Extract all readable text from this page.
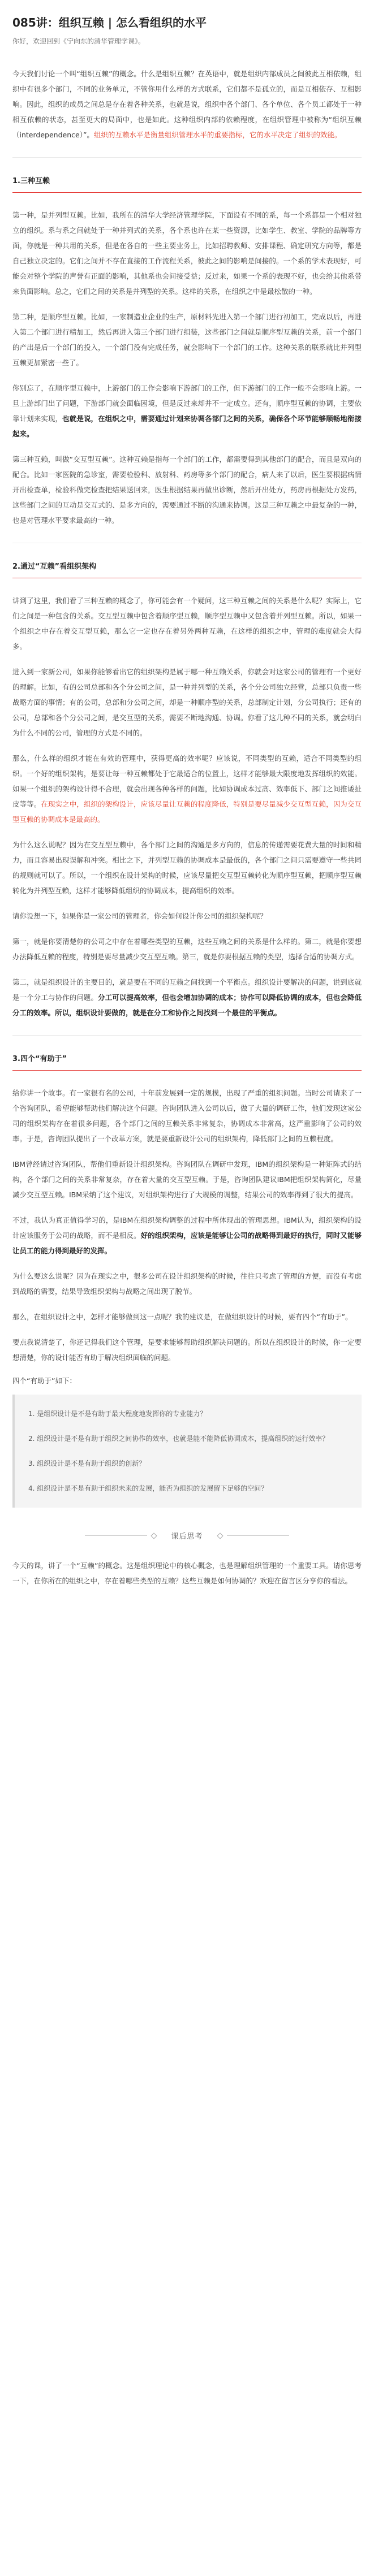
085讲：组织互赖 | 怎么看组织的水平
你好，欢迎回到《宁向东的清华管理学课》。

今天我们讨论一个叫“组织互赖”的概念。什么是组织互赖？在英语中，就是组织内部成员之间彼此互相依赖，组织中有很多个部门，不同的业务单元，不管你用什么样的方式联系，它们都不是孤立的，而是互相依存、互相影响。因此，组织的成员之间总是存在着各种关系，也就是说，组织中各个部门、各个单位、各个员工都处于一种相互依赖的状态，甚至更大的局面中，也是如此。这种组织内部的依赖程度，在组织管理中被称为“组织互赖（interdependence）”。组织的互赖水平是衡量组织管理水平的重要指标，它的水平决定了组织的效能。

1.三种互赖

第一种，是并列型互赖。比如，我所在的清华大学经济管理学院，下面设有不同的系，每一个系都是一个相对独立的组织。系与系之间就处于一种并列式的关系，各个系也许在某一些资源，比如学生、教室、学院的品牌等方面，你就是一种共用的关系，但是在各自的一些主要业务上，比如招聘教师、安排课程、确定研究方向等，都是自己独立决定的。它们之间并不存在直接的工作流程关系，彼此之间的影响是间接的。一个系的学术表现好，可能会对整个学院的声誉有正面的影响，其他系也会间接受益；反过来，如果一个系的表现不好，也会给其他系带来负面影响。总之，它们之间的关系是并列型的关系。这样的关系，在组织之中是最松散的一种。

第二种，是顺序型互赖。比如，一家制造业企业的生产，原材料先进入第一个部门进行初加工，完成以后，再进入第二个部门进行精加工，然后再进入第三个部门进行组装，这些部门之间就是顺序型互赖的关系，前一个部门的产出是后一个部门的投入，一个部门没有完成任务，就会影响下一个部门的工作。这种关系的联系就比并列型互赖更加紧密一些了。

你别忘了，在顺序型互赖中，上游部门的工作会影响下游部门的工作，但下游部门的工作一般不会影响上游。一旦上游部门出了问题，下游部门就会面临困境，但是反过来却并不一定成立。还有，顺序型互赖的协调，主要依靠计划来实现，也就是说，在组织之中，需要通过计划来协调各部门之间的关系，确保各个环节能够顺畅地衔接起来。

第三种互赖，叫做“交互型互赖”。这种互赖是指每一个部门的工作，都需要得到其他部门的配合，而且是双向的配合。比如一家医院的急诊室，需要检验科、放射科、药房等多个部门的配合，病人来了以后，医生要根据病情开出检查单，检验科做完检查把结果送回来，医生根据结果再做出诊断，然后开出处方，药房再根据处方发药，这些部门之间的互动是交互式的、是多方向的，需要通过不断的沟通来协调。这是三种互赖之中最复杂的一种，也是对管理水平要求最高的一种。

2.通过“互赖”看组织架构

讲到了这里，我们看了三种互赖的概念了，你可能会有一个疑问，这三种互赖之间的关系是什么呢？实际上，它们之间是一种包含的关系。交互型互赖中包含着顺序型互赖，顺序型互赖中又包含着并列型互赖。所以，如果一个组织之中存在着交互型互赖，那么它一定也存在着另外两种互赖，在这样的组织之中，管理的难度就会大得多。

进入到一家新公司，如果你能够看出它的组织架构是属于哪一种互赖关系，你就会对这家公司的管理有一个更好的理解。比如，有的公司总部和各个分公司之间，是一种并列型的关系，各个分公司独立经营，总部只负责一些战略方面的事情；有的公司，总部和分公司之间，却是一种顺序型的关系，总部制定计划，分公司执行；还有的公司，总部和各个分公司之间，是交互型的关系，需要不断地沟通、协调。你看了这几种不同的关系，就会明白为什么不同的公司，管理的方式是不同的。

那么，什么样的组织才能在有效的管理中，获得更高的效率呢？应该说，不同类型的互赖，适合不同类型的组织。一个好的组织架构，是要让每一种互赖都处于它最适合的位置上，这样才能够最大限度地发挥组织的效能。如果一个组织的架构设计得不合理，就会出现各种各样的问题，比如协调成本过高、效率低下、部门之间推诿扯皮等等。在现实之中，组织的架构设计，应该尽量让互赖的程度降低，特别是要尽量减少交互型互赖，因为交互型互赖的协调成本是最高的。

为什么这么说呢？因为在交互型互赖中，各个部门之间的沟通是多方向的，信息的传递需要花费大量的时间和精力，而且容易出现误解和冲突。相比之下，并列型互赖的协调成本是最低的，各个部门之间只需要遵守一些共同的规则就可以了。所以，一个组织在设计架构的时候，应该尽量把交互型互赖转化为顺序型互赖，把顺序型互赖转化为并列型互赖，这样才能够降低组织的协调成本，提高组织的效率。

请你设想一下，如果你是一家公司的管理者，你会如何设计你公司的组织架构呢？

第一，就是你要清楚你的公司之中存在着哪些类型的互赖，这些互赖之间的关系是什么样的。第二，就是你要想办法降低互赖的程度，特别是要尽量减少交互型互赖。第三，就是你要根据互赖的类型，选择合适的协调方式。

第二，就是组织设计的主要目的，就是要在不同的互赖之间找到一个平衡点。组织设计要解决的问题，说到底就是一个分工与协作的问题。分工可以提高效率，但也会增加协调的成本；协作可以降低协调的成本，但也会降低分工的效率。所以，组织设计要做的，就是在分工和协作之间找到一个最佳的平衡点。

3.四个“有助于”

给你讲一个故事。有一家很有名的公司，十年前发展到一定的规模，出现了严重的组织问题。当时公司请来了一个咨询团队，希望能够帮助他们解决这个问题。咨询团队进入公司以后，做了大量的调研工作，他们发现这家公司的组织架构存在着很多问题，各个部门之间的互赖关系非常复杂，协调成本非常高，这严重影响了公司的效率。于是，咨询团队提出了一个改革方案，就是要重新设计公司的组织架构，降低部门之间的互赖程度。

IBM曾经请过咨询团队，帮他们重新设计组织架构。咨询团队在调研中发现，IBM的组织架构是一种矩阵式的结构，各个部门之间的关系非常复杂，存在着大量的交互型互赖。于是，咨询团队建议IBM把组织架构简化，尽量减少交互型互赖。IBM采纳了这个建议，对组织架构进行了大规模的调整，结果公司的效率得到了很大的提高。

不过，我认为真正值得学习的，是IBM在组织架构调整的过程中所体现出的管理思想。IBM认为，组织架构的设计应该服务于公司的战略，而不是相反。好的组织架构，应该是能够让公司的战略得到最好的执行，同时又能够让员工的能力得到最好的发挥。

为什么要这么说呢？因为在现实之中，很多公司在设计组织架构的时候，往往只考虑了管理的方便，而没有考虑到战略的需要，结果导致组织架构与战略之间出现了脱节。

那么，在组织设计之中，怎样才能够做到这一点呢？我的建议是，在做组织设计的时候，要有四个“有助于”。

要点我说清楚了，你还记得我们这个管理，是要求能够帮助组织解决问题的。所以在组织设计的时候，你一定要想清楚，你的设计能否有助于解决组织面临的问题。

四个“有助于”如下：
1. 是组织设计是不是有助于最大程度地发挥你的专业能力？
2. 组织设计是不是有助于组织之间协作的效率，也就是能不能降低协调成本，提高组织的运行效率？
3. 组织设计是不是有助于组织的创新？
4. 组织设计是不是有助于组织未来的发展，能否为组织的发展留下足够的空间？
课后思考

今天的课，讲了一个“互赖”的概念。这是组织理论中的核心概念，也是理解组织管理的一个重要工具。请你思考一下，在你所在的组织之中，存在着哪些类型的互赖？这些互赖是如何协调的？欢迎在留言区分享你的看法。
